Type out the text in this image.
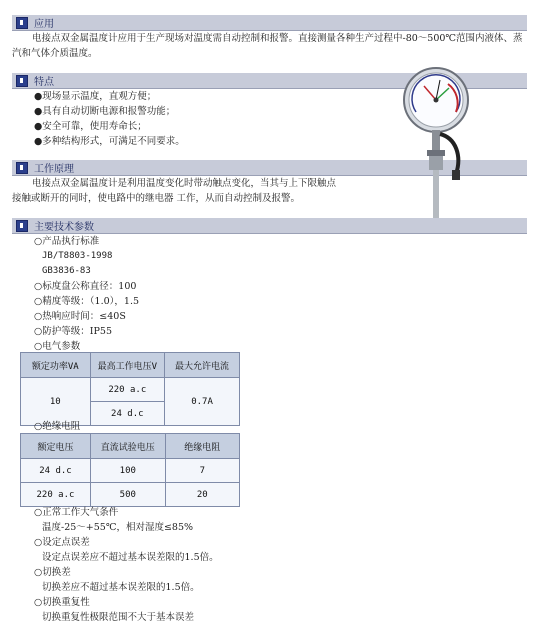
应用
电接点双金属温度计应用于生产现场对温度需自动控制和报警。直接测量各种生产过程中-80～500℃范围内液体、蒸汽和气体介质温度。
特点
●现场显示温度，直观方便；
●具有自动切断电源和报警功能；
●安全可靠，使用寿命长；
●多种结构形式，可满足不同要求。
工作原理
电接点双金属温度计是利用温度变化时带动触点变化，当其与上下限触点接触或断开的同时，使电路中的继电器 工作，从而自动控制及报警。
主要技术参数
○产品执行标准
JB/T8803-1998
GB3836-83
○标度盘公称直径：100
○精度等级：（1.0），1.5
○热响应时间：≤40S
○防护等级：IP55
○电气参数
额定功率VA	最高工作电压V	最大允许电流
10	220 a.c	0.7A
	24 d.c	
○绝缘电阻
额定电压	直流试验电压	绝缘电阻
24 d.c	100	7
220 a.c	500	20
○正常工作大气条件
温度-25～+55℃，相对湿度≤85%
○设定点误差
设定点误差应不超过基本误差限的1.5倍。
○切换差
切换差应不超过基本误差限的1.5倍。
○切换重复性
切换重复性极限范围不大于基本误差
